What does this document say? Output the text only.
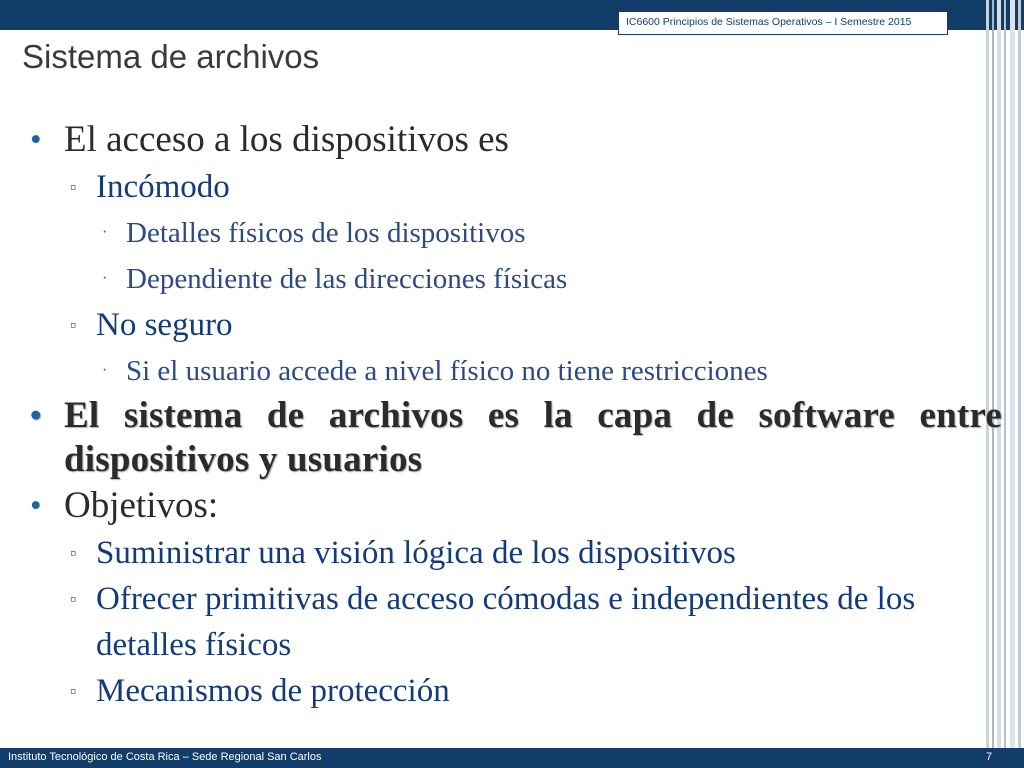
IC6600 Principios de Sistemas Operativos – I Semestre 2015
Sistema de archivos
• El acceso a los dispositivos es
▫ Incómodo
· Detalles físicos de los dispositivos
· Dependiente de las direcciones físicas
▫ No seguro
· Si el usuario accede a nivel físico no tiene restricciones
• El sistema de archivos es la capa de software entre dispositivos y usuarios
• Objetivos:
▫ Suministrar una visión lógica de los dispositivos
▫ Ofrecer primitivas de acceso cómodas e independientes de los detalles físicos
▫ Mecanismos de protección
Instituto Tecnológico de Costa Rica – Sede Regional San Carlos	7
